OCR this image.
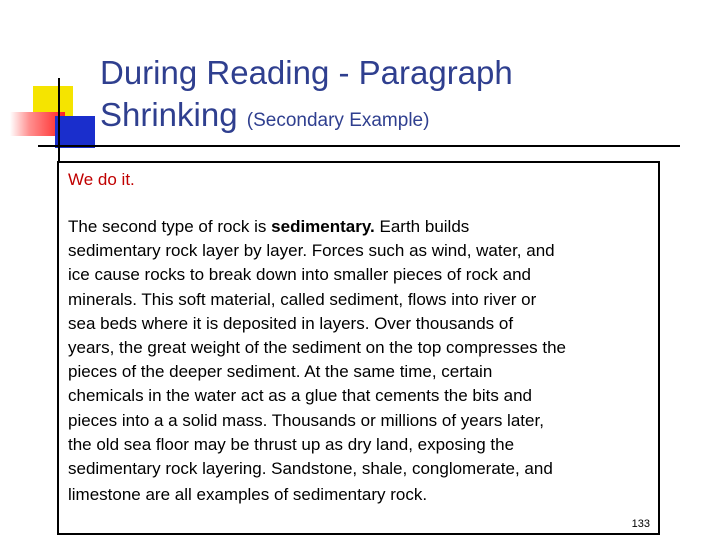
During Reading - Paragraph
Shrinking (Secondary Example)

We do it.

The second type of rock is sedimentary. Earth builds
sedimentary rock layer by layer. Forces such as wind, water, and
ice cause rocks to break down into smaller pieces of rock and
minerals. This soft material, called sediment, flows into river or
sea beds where it is deposited in layers. Over thousands of
years, the great weight of the sediment on the top compresses the
pieces of the deeper sediment. At the same time, certain
chemicals in the water act as a glue that cements the bits and
pieces into a a solid mass. Thousands or millions of years later,
the old sea floor may be thrust up as dry land, exposing the
sedimentary rock layering. Sandstone, shale, conglomerate, and
limestone are all examples of sedimentary rock.

133
